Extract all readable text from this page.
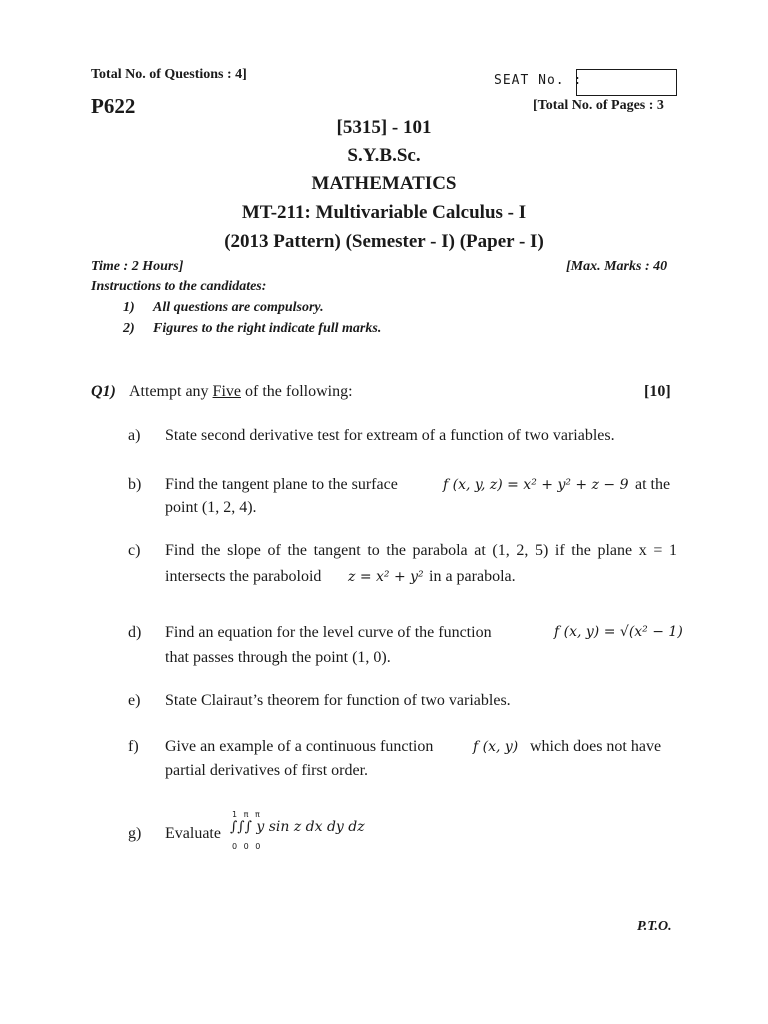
Total No. of Questions : 4]
P622
SEAT No. :
[Total No. of Pages : 3
[5315] - 101
S.Y.B.Sc.
MATHEMATICS
MT-211: Multivariable Calculus - I
(2013 Pattern) (Semester - I) (Paper - I)
Time : 2 Hours]	[Max. Marks : 40
Instructions to the candidates:
1) All questions are compulsory.
2) Figures to the right indicate full marks.
Q1) Attempt any Five of the following:	[10]
a) State second derivative test for extream of a function of two variables.
b) Find the tangent plane to the surface	f (x, y, z) = x² + y² + z − 9 at the
point (1, 2, 4).
c) Find the slope of the tangent to the parabola at (1, 2, 5) if the plane x = 1
intersects the paraboloid z = x² + y² in a parabola.
d) Find an equation for the level curve of the function	f (x, y) = √(x² − 1)
that passes through the point (1, 0).
e) State Clairaut’s theorem for function of two variables.
f) Give an example of a continuous function	f (x, y) which does not have
partial derivatives of first order.
g) Evaluate
1 π π
∫∫∫ y sin z dx dy dz
0 0 0
P.T.O.
